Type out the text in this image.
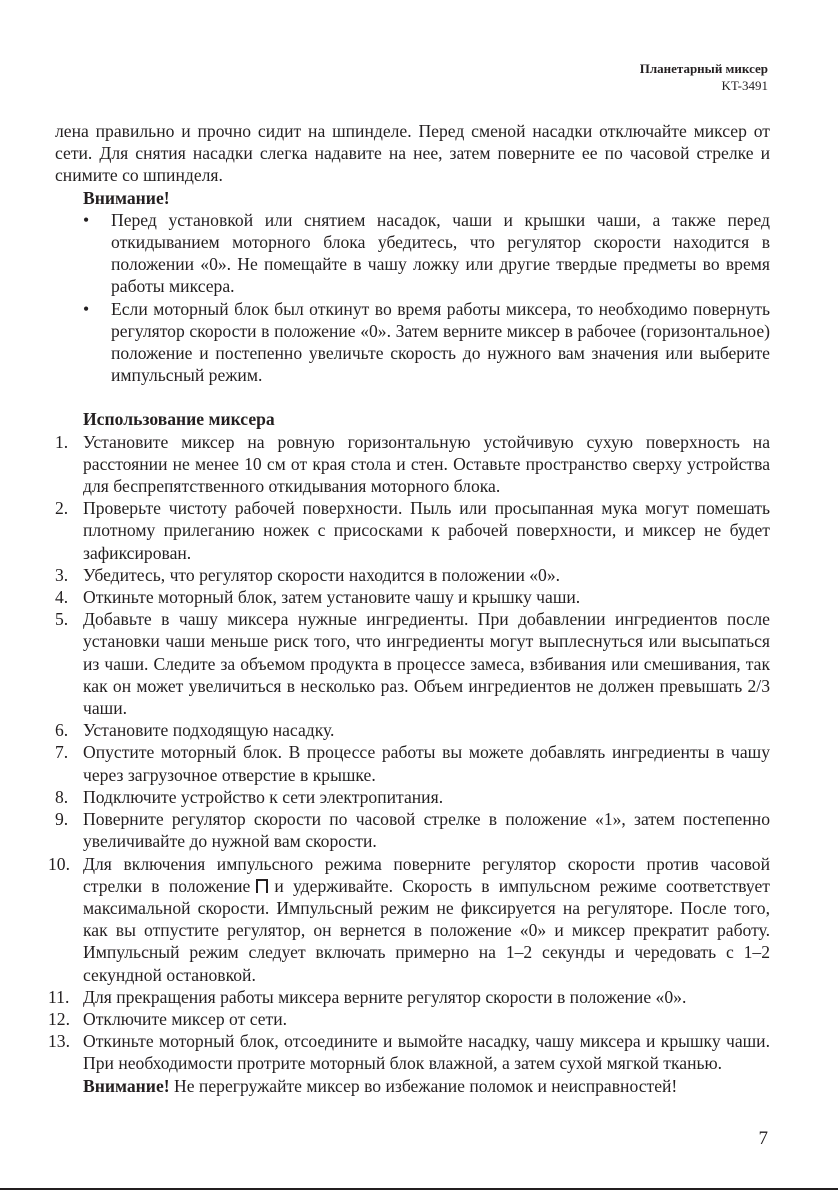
Планетарный миксер
KT-3491

лена правильно и прочно сидит на шпинделе. Перед сменой насадки отключайте миксер от сети. Для снятия насадки слегка надавите на нее, затем поверните ее по часовой стрелке и снимите со шпинделя.

Внимание!

• Перед установкой или снятием насадок, чаши и крышки чаши, а также перед откидыванием моторного блока убедитесь, что регулятор скорости находится в положении «0». Не помещайте в чашу ложку или другие твердые предметы во время работы миксера.
• Если моторный блок был откинут во время работы миксера, то необходимо повернуть регулятор скорости в положение «0». Затем верните миксер в рабочее (горизонтальное) положение и постепенно увеличьте скорость до нужного вам значения или выберите импульсный режим.

Использование миксера

1. Установите миксер на ровную горизонтальную устойчивую сухую поверхность на расстоянии не менее 10 см от края стола и стен. Оставьте пространство сверху устройства для беспрепятственного откидывания моторного блока.
2. Проверьте чистоту рабочей поверхности. Пыль или просыпанная мука могут помешать плотному прилеганию ножек с присосками к рабочей поверхности, и миксер не будет зафиксирован.
3. Убедитесь, что регулятор скорости находится в положении «0».
4. Откиньте моторный блок, затем установите чашу и крышку чаши.
5. Добавьте в чашу миксера нужные ингредиенты. При добавлении ингредиентов после установки чаши меньше риск того, что ингредиенты могут выплеснуться или высыпаться из чаши. Следите за объемом продукта в процессе замеса, взбивания или смешивания, так как он может увеличиться в несколько раз. Объем ингредиентов не должен превышать 2/3 чаши.
6. Установите подходящую насадку.
7. Опустите моторный блок. В процессе работы вы можете добавлять ингредиенты в чашу через загрузочное отверстие в крышке.
8. Подключите устройство к сети электропитания.
9. Поверните регулятор скорости по часовой стрелке в положение «1», затем постепенно увеличивайте до нужной вам скорости.
10. Для включения импульсного режима поверните регулятор скорости против часовой стрелки в положение и удерживайте. Скорость в импульсном режиме соответствует максимальной скорости. Импульсный режим не фиксируется на регуляторе. После того, как вы отпустите регулятор, он вернется в положение «0» и миксер прекратит работу. Импульсный режим следует включать примерно на 1–2 секунды и чередовать с 1–2 секундной остановкой.
11. Для прекращения работы миксера верните регулятор скорости в положение «0».
12. Отключите миксер от сети.
13. Откиньте моторный блок, отсоедините и вымойте насадку, чашу миксера и крышку чаши. При необходимости протрите моторный блок влажной, а затем сухой мягкой тканью.

Внимание! Не перегружайте миксер во избежание поломок и неисправностей!

7
